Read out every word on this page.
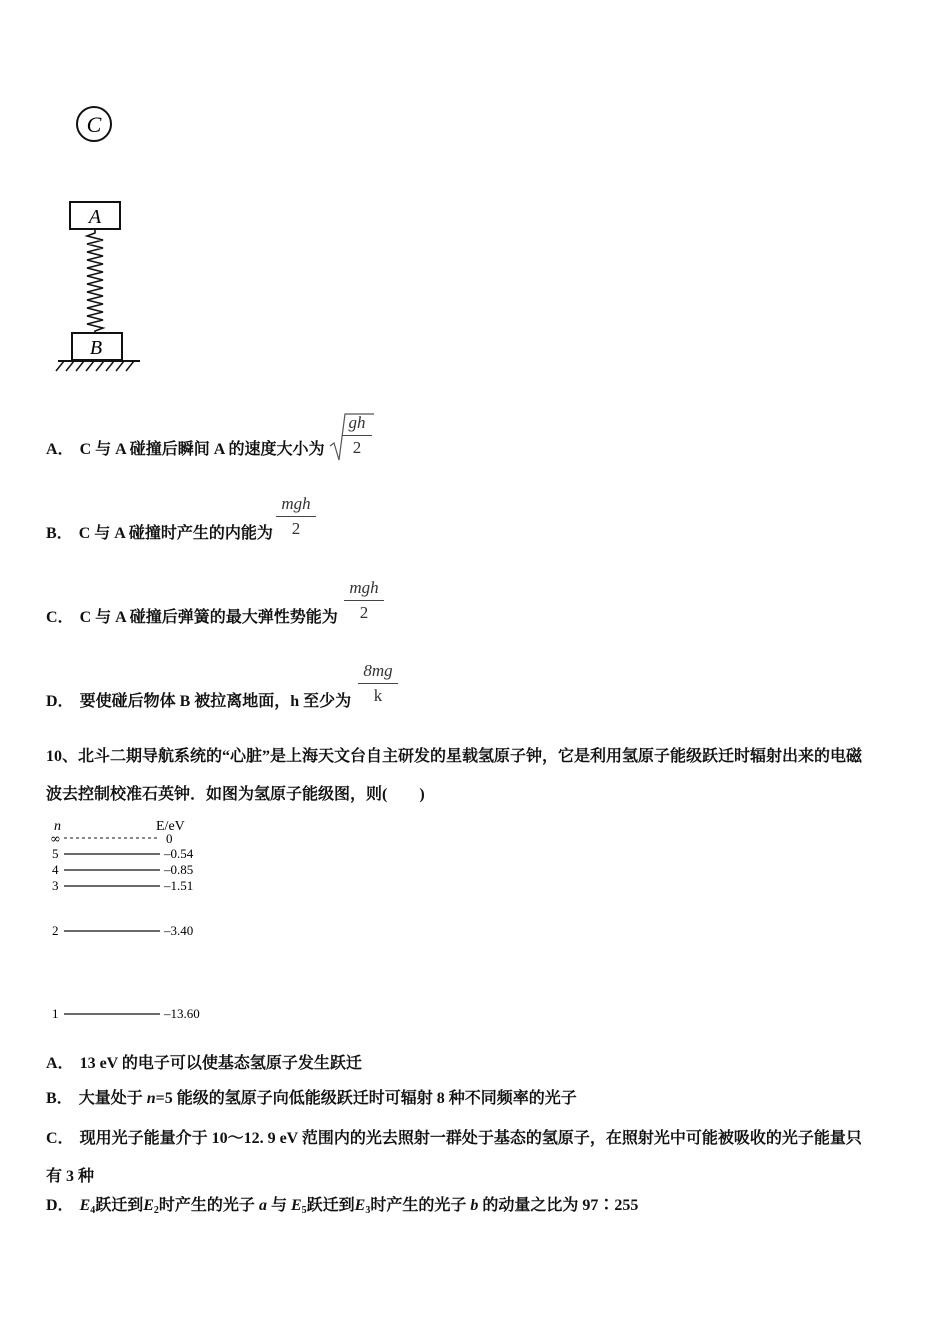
C
A
B
A． C 与 A 碰撞后瞬间 A 的速度大小为
gh
2
B． C 与 A 碰撞时产生的内能为
mgh
2
C． C 与 A 碰撞后弹簧的最大弹性势能为
mgh
2
D． 要使碰后物体 B 被拉离地面，h 至少为
8mg
k
10、北斗二期导航系统的“心脏”是上海天文台自主研发的星载氢原子钟，它是利用氢原子能级跃迁时辐射出来的电磁
波去控制校准石英钟．如图为氢原子能级图，则(　　)
n	E/eV
∞	0
5	–0.54
4	–0.85
3	–1.51
2	–3.40
1	–13.60
A． 13 eV 的电子可以使基态氢原子发生跃迁
B． 大量处于 n=5 能级的氢原子向低能级跃迁时可辐射 8 种不同频率的光子
C． 现用光子能量介于 10～12. 9 eV 范围内的光去照射一群处于基态的氢原子，在照射光中可能被吸收的光子能量只
有 3 种
D． $E_4$跃迁到$E_2$时产生的光子 a 与 $E_5$跃迁到$E_3$时产生的光子 b 的动量之比为 97∶255
